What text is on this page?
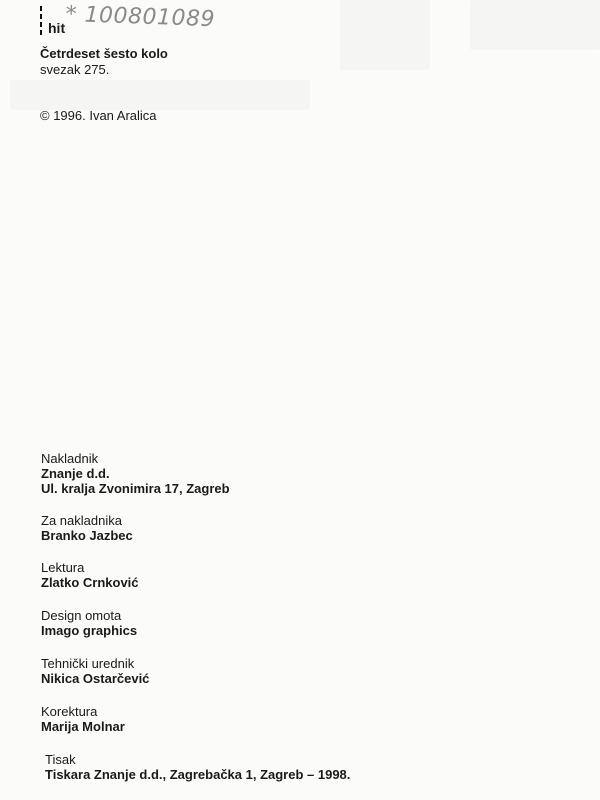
hit * 100801089
Četrdeset šesto kolo
svezak 275.
© 1996. Ivan Aralica
Nakladnik
Znanje d.d.
Ul. kralja Zvonimira 17, Zagreb
Za nakladnika
Branko Jazbec
Lektura
Zlatko Crnković
Design omota
Imago graphics
Tehnički urednik
Nikica Ostarčević
Korektura
Marija Molnar
Tisak
Tiskara Znanje d.d., Zagrebačka 1, Zagreb – 1998.
